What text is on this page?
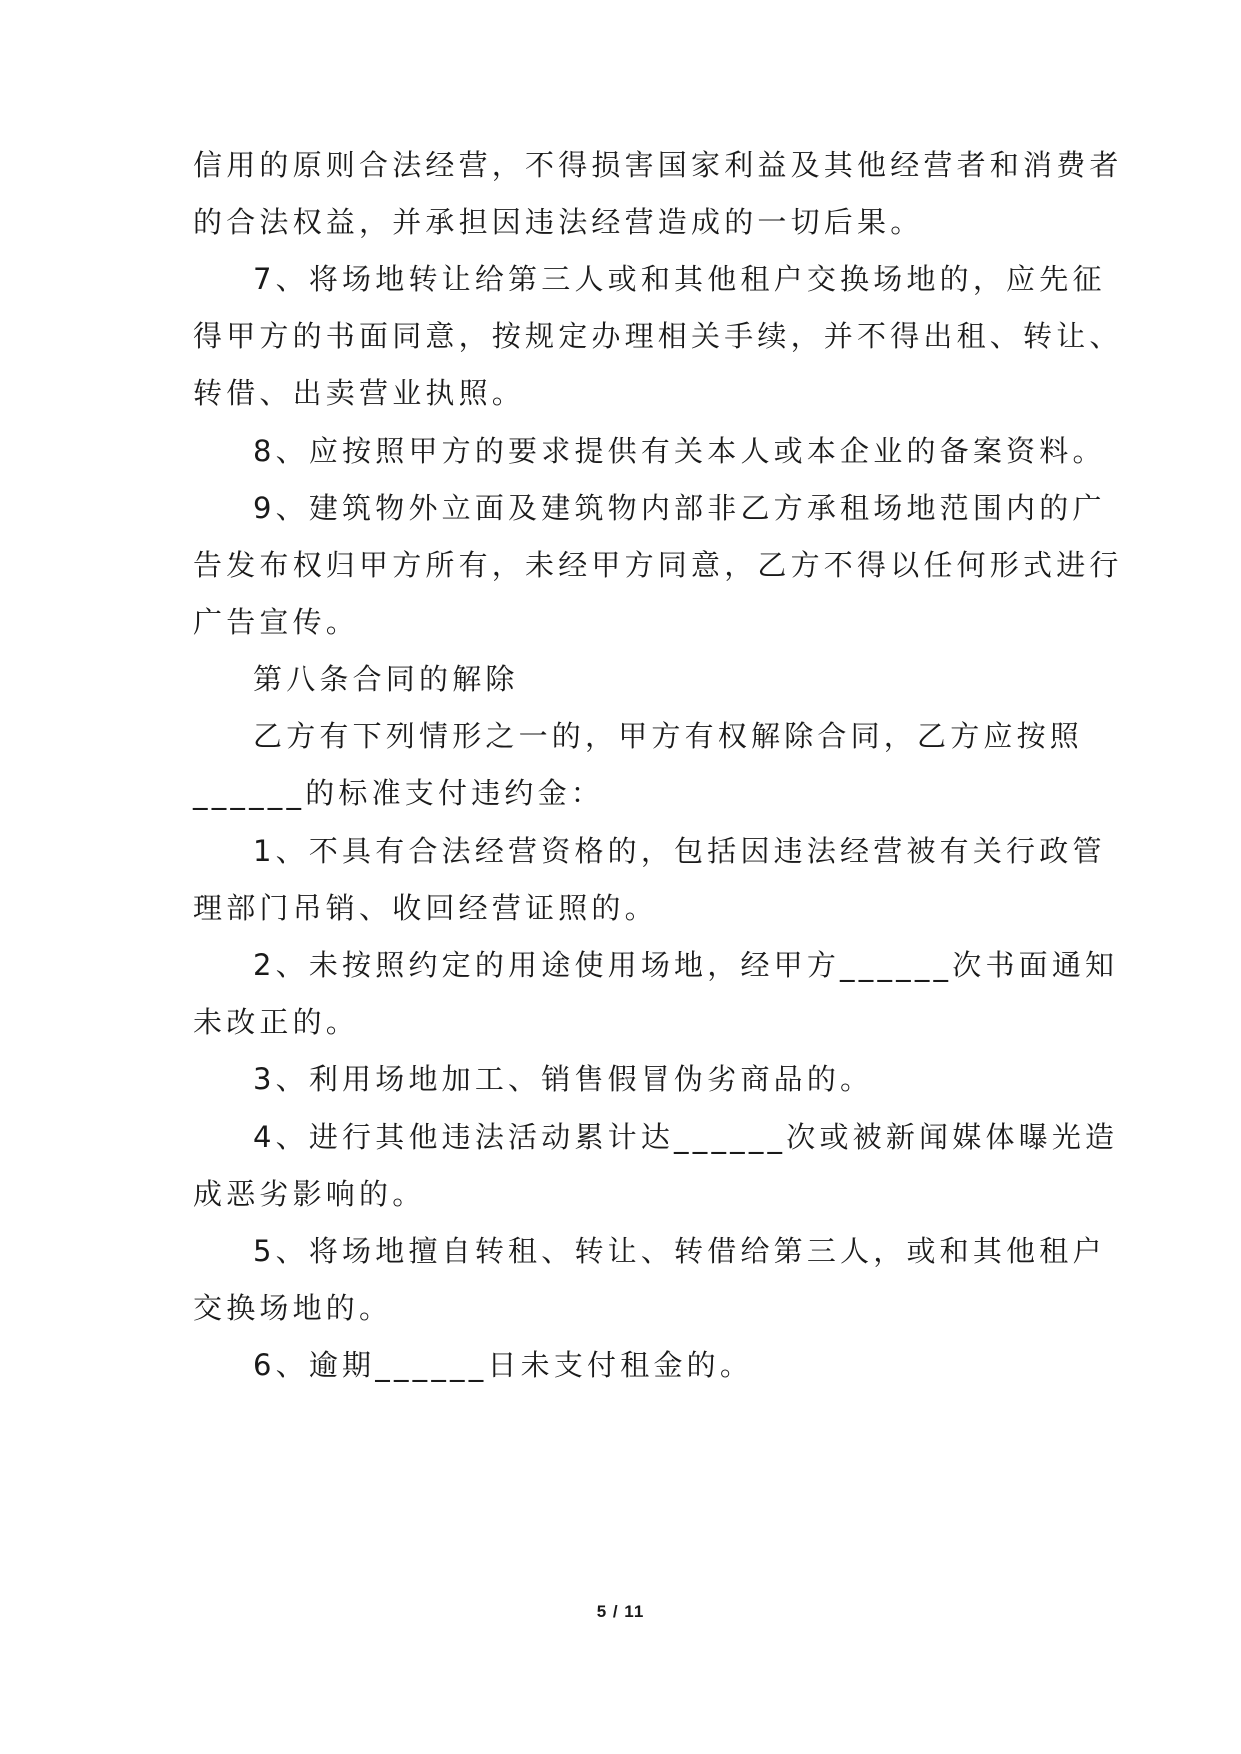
信用的原则合法经营，不得损害国家利益及其他经营者和消费者
的合法权益，并承担因违法经营造成的一切后果。
7、将场地转让给第三人或和其他租户交换场地的，应先征
得甲方的书面同意，按规定办理相关手续，并不得出租、转让、
转借、出卖营业执照。
8、应按照甲方的要求提供有关本人或本企业的备案资料。
9、建筑物外立面及建筑物内部非乙方承租场地范围内的广
告发布权归甲方所有，未经甲方同意，乙方不得以任何形式进行
广告宣传。
第八条合同的解除
乙方有下列情形之一的，甲方有权解除合同，乙方应按照
______的标准支付违约金：
1、不具有合法经营资格的，包括因违法经营被有关行政管
理部门吊销、收回经营证照的。
2、未按照约定的用途使用场地，经甲方______次书面通知
未改正的。
3、利用场地加工、销售假冒伪劣商品的。
4、进行其他违法活动累计达______次或被新闻媒体曝光造
成恶劣影响的。
5、将场地擅自转租、转让、转借给第三人，或和其他租户
交换场地的。
6、逾期______日未支付租金的。
5 / 11
